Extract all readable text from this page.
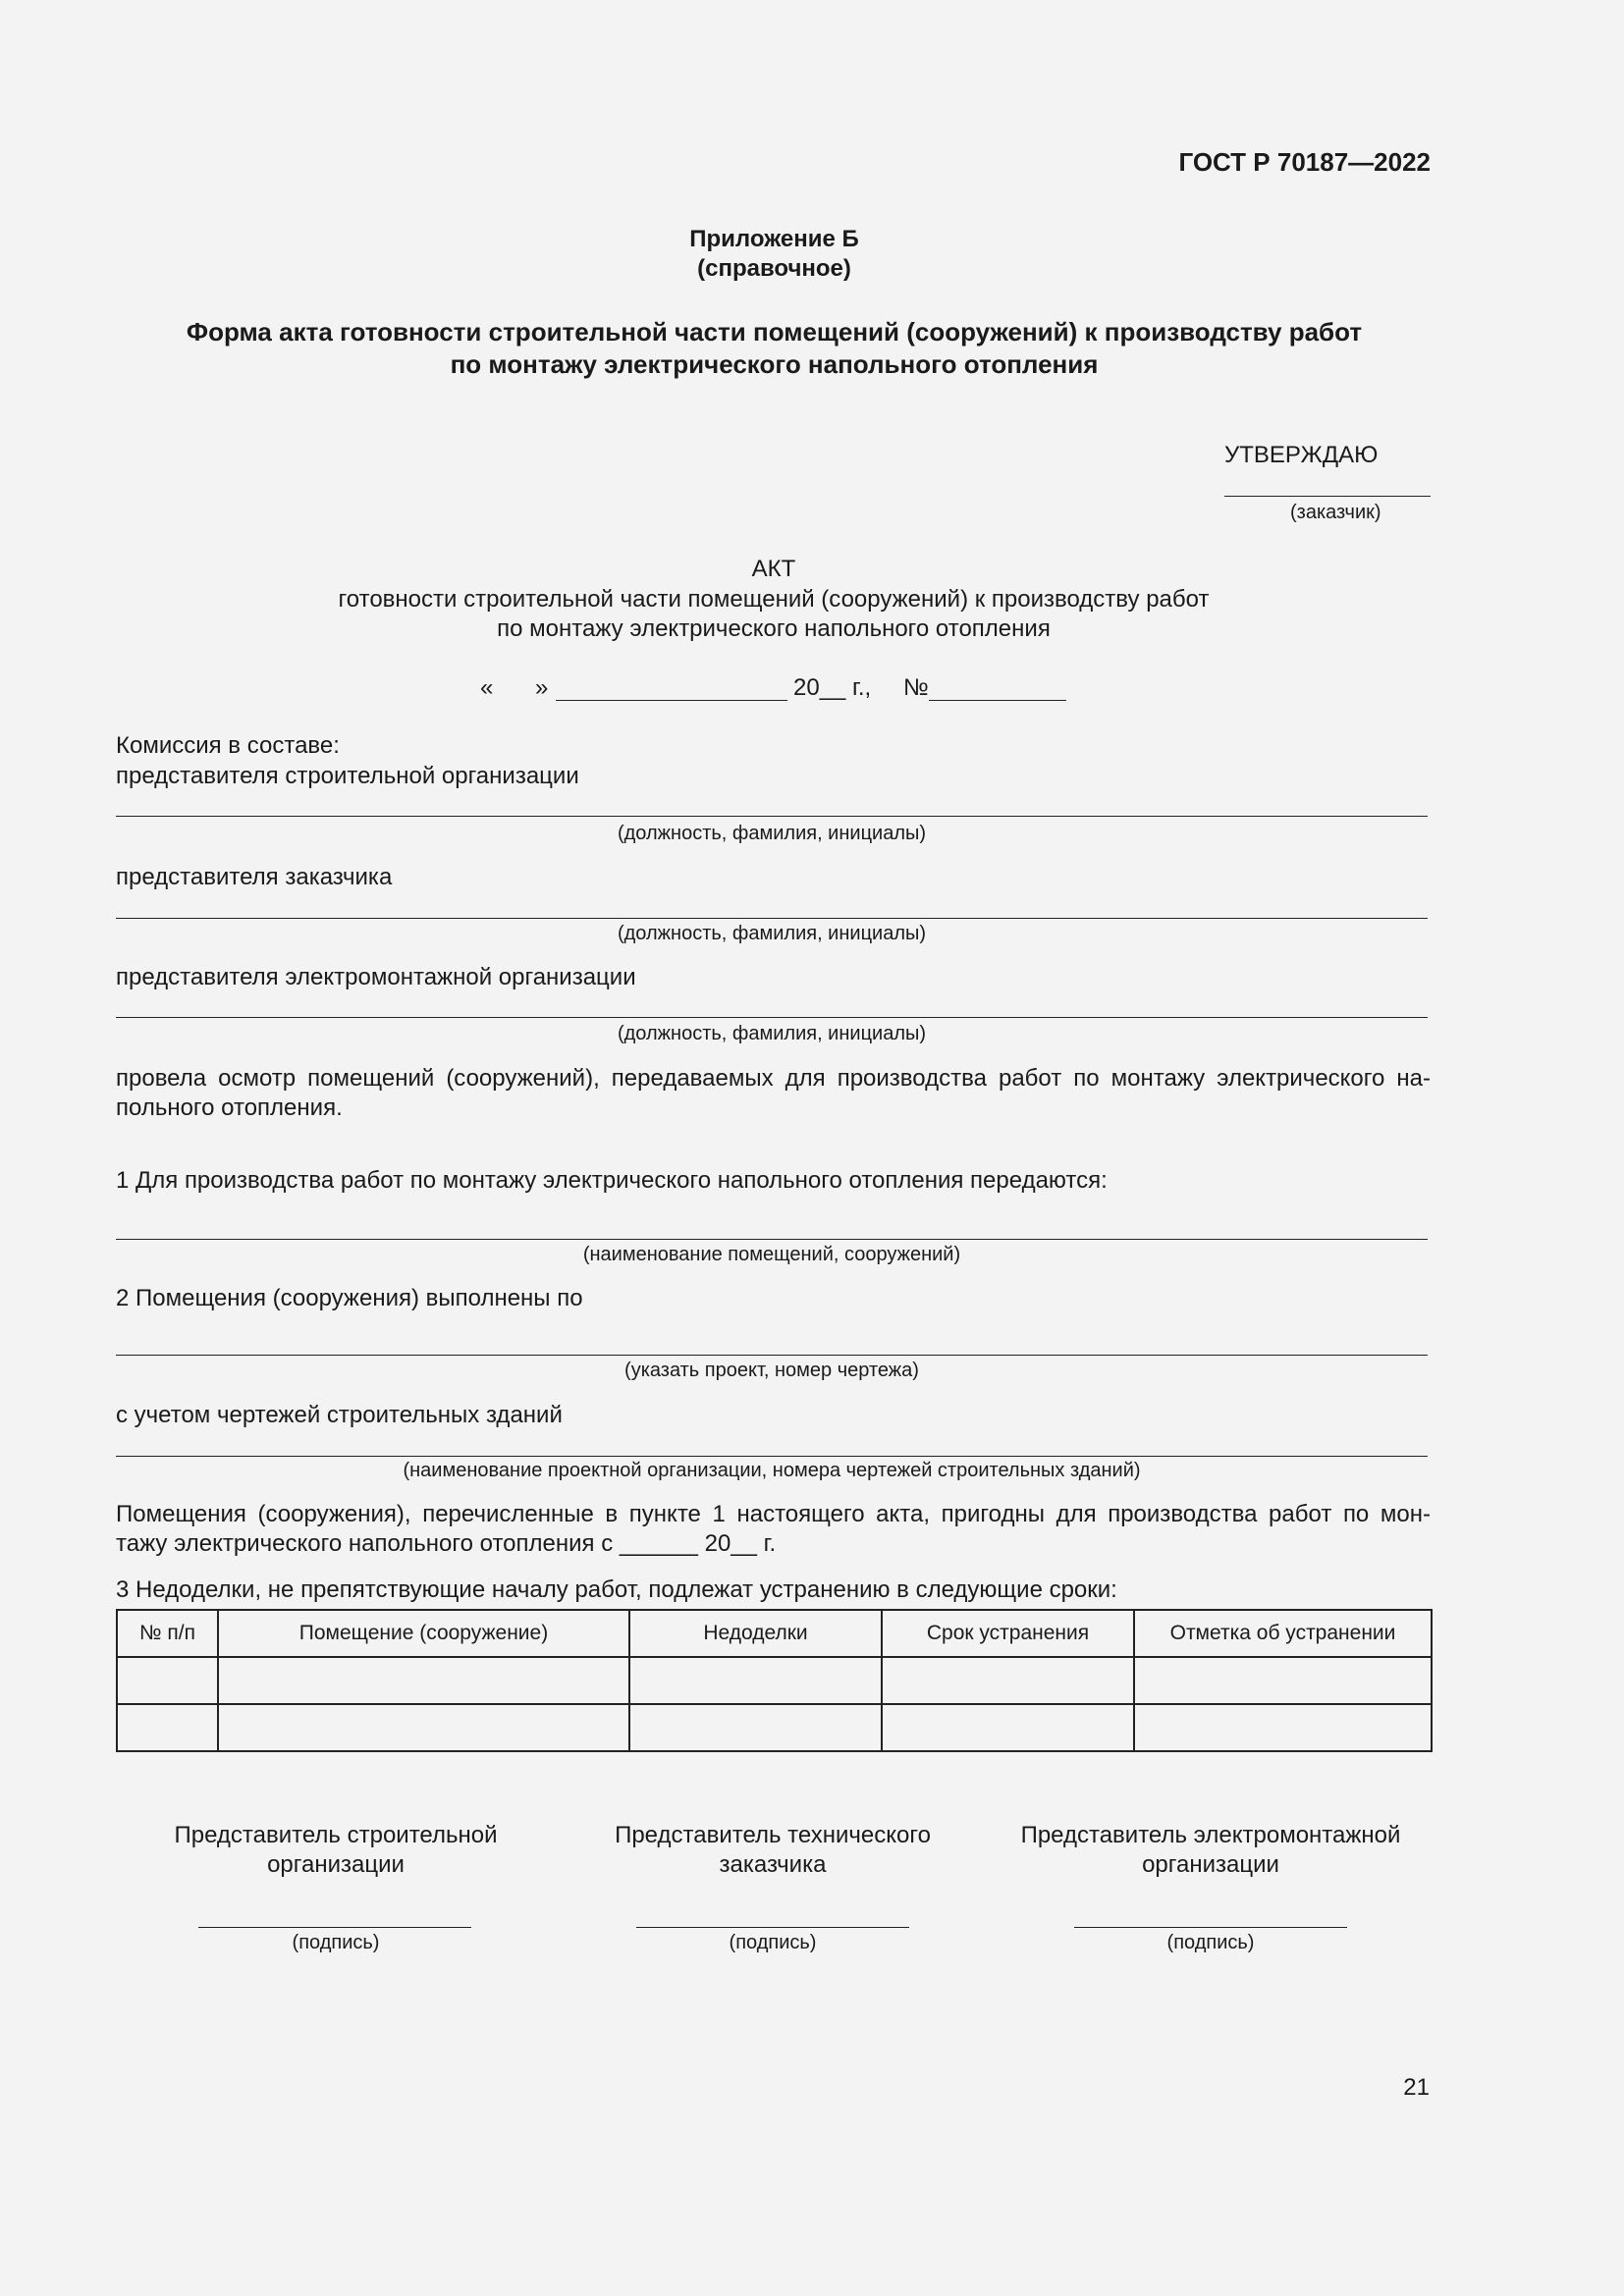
ГОСТ Р 70187—2022
Приложение Б
(справочное)
Форма акта готовности строительной части помещений (сооружений) к производству работ
по монтажу электрического напольного отопления
УТВЕРЖДАЮ
(заказчик)
АКТ
готовности строительной части помещений (сооружений) к производству работ
по монтажу электрического напольного отопления
« »	20__ г., №
Комиссия в составе:
представителя строительной организации
(должность, фамилия, инициалы)
представителя заказчика
(должность, фамилия, инициалы)
представителя электромонтажной организации
(должность, фамилия, инициалы)
провела осмотр помещений (сооружений), передаваемых для производства работ по монтажу электрического на-
польного отопления.
1 Для производства работ по монтажу электрического напольного отопления передаются:
(наименование помещений, сооружений)
2 Помещения (сооружения) выполнены по
(указать проект, номер чертежа)
с учетом чертежей строительных зданий
(наименование проектной организации, номера чертежей строительных зданий)
Помещения (сооружения), перечисленные в пункте 1 настоящего акта, пригодны для производства работ по мон-
тажу электрического напольного отопления с ______ 20__ г.
3 Недоделки, не препятствующие началу работ, подлежат устранению в следующие сроки:
№ п/п	Помещение (сооружение)	Недоделки	Срок устранения	Отметка об устранении

Представитель строительной
организации
(подпись)
Представитель технического
заказчика
(подпись)
Представитель электромонтажной
организации
(подпись)
21
